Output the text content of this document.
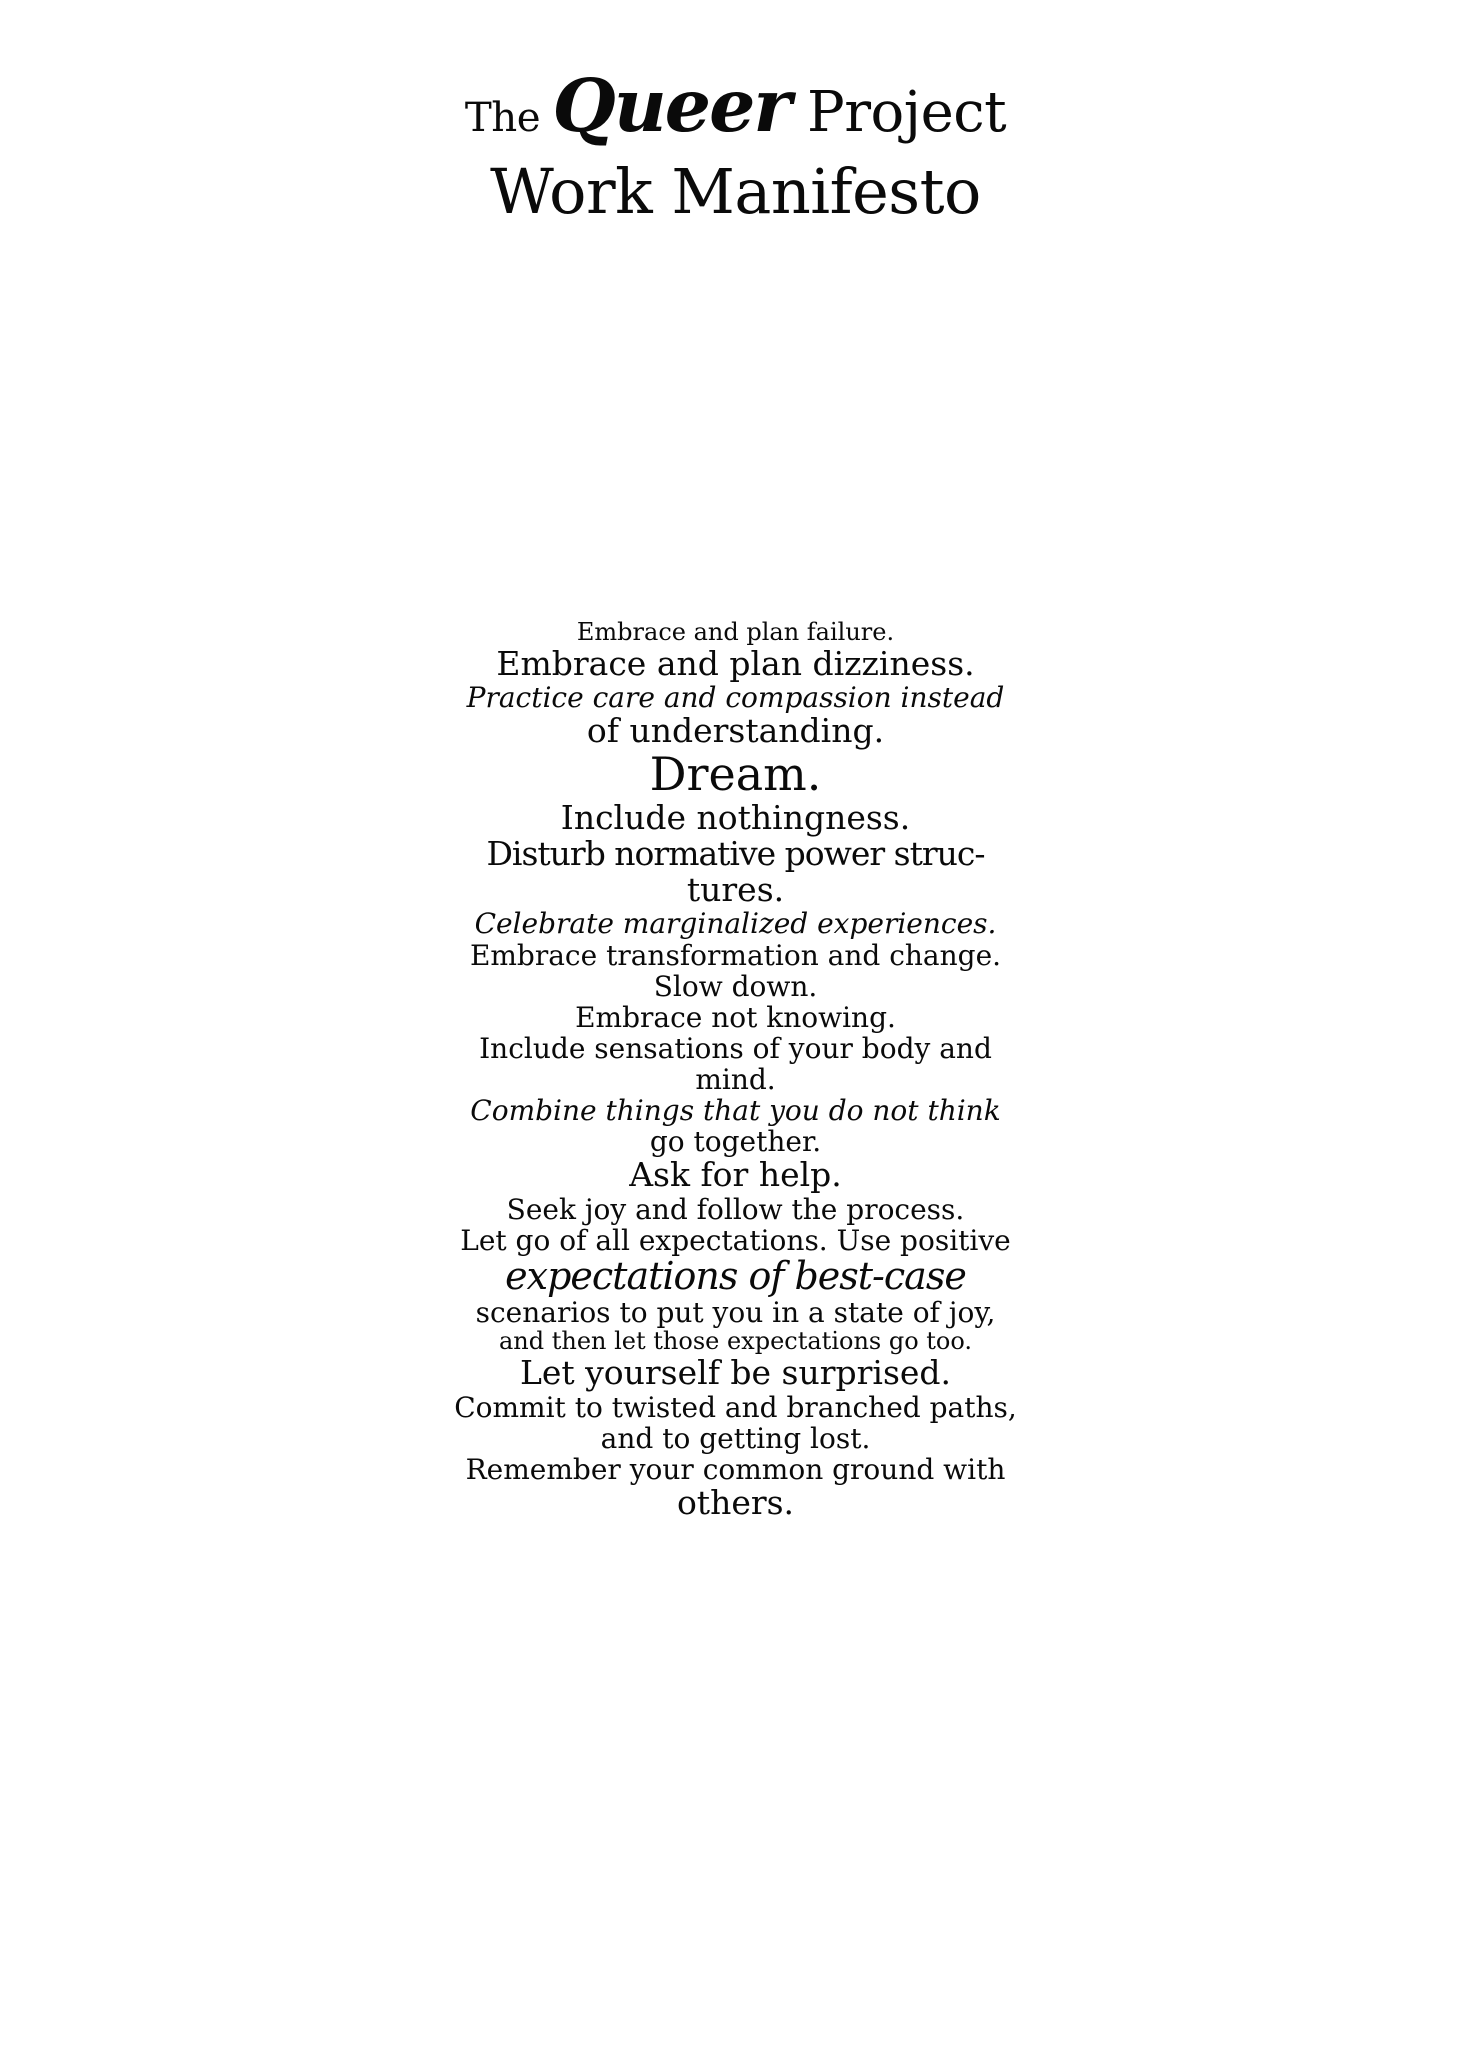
The Queer Project
Work Manifesto
Embrace and plan failure.
Embrace and plan dizziness.
Practice care and compassion instead
of understanding.
Dream.
Include nothingness.
Disturb normative power struc-
tures.
Celebrate marginalized experiences.
Embrace transformation and change.
Slow down.
Embrace not knowing.
Include sensations of your body and
mind.
Combine things that you do not think
go together.
Ask for help.
Seek joy and follow the process.
Let go of all expectations. Use positive
expectations of best-case
scenarios to put you in a state of joy,
and then let those expectations go too.
Let yourself be surprised.
Commit to twisted and branched paths,
and to getting lost.
Remember your common ground with
others.
